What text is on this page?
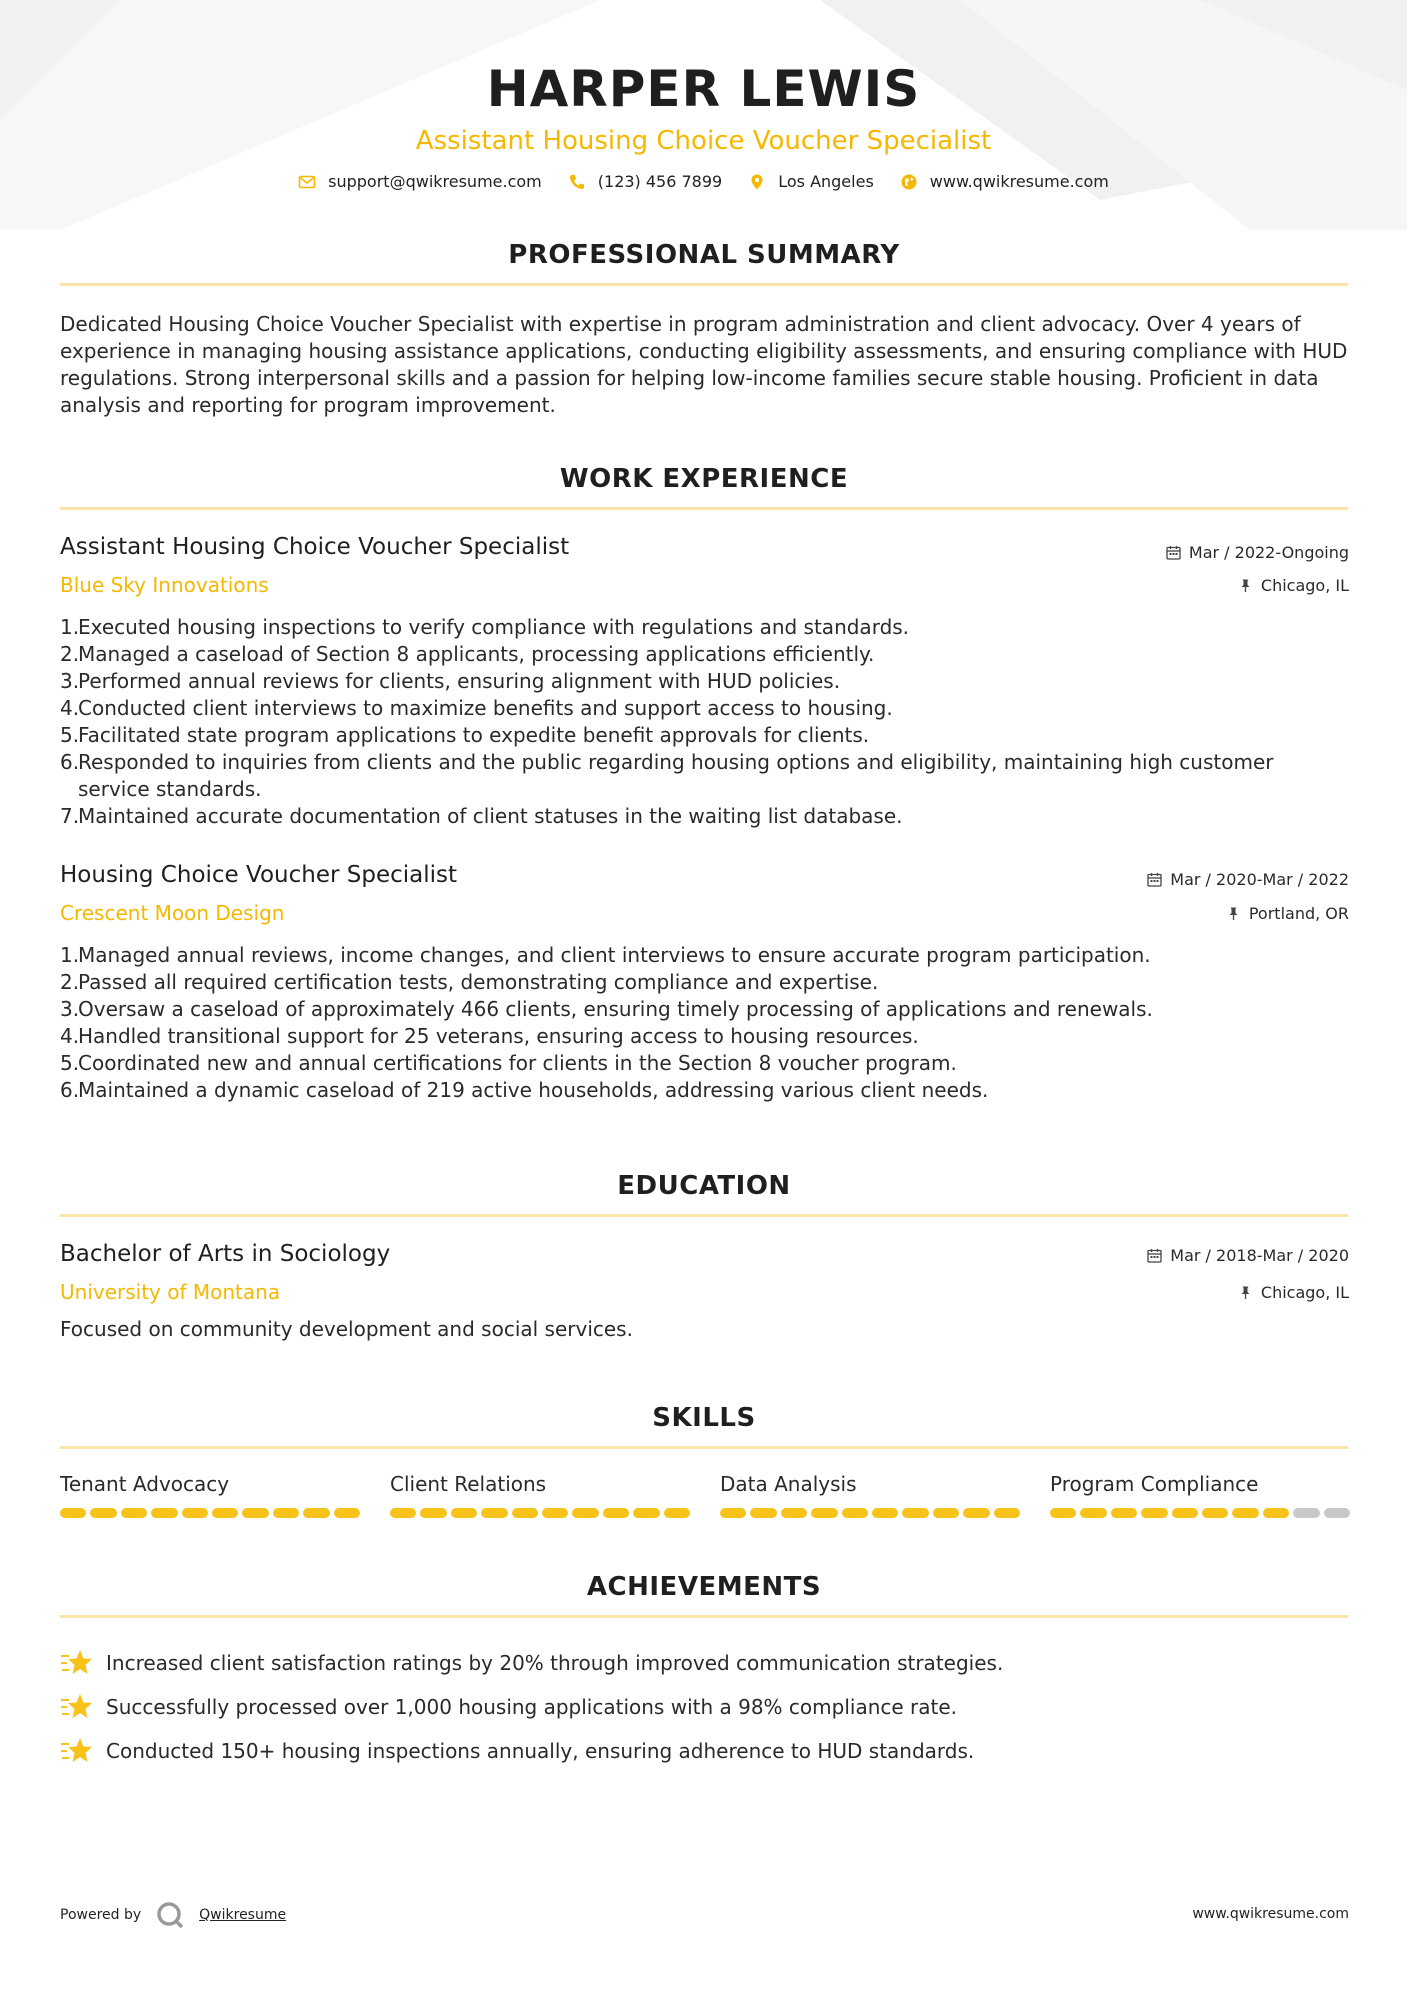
HARPER LEWIS
Assistant Housing Choice Voucher Specialist
support@qwikresume.com	(123) 456 7899	Los Angeles	www.qwikresume.com
PROFESSIONAL SUMMARY
Dedicated Housing Choice Voucher Specialist with expertise in program administration and client advocacy. Over 4 years of experience in managing housing assistance applications, conducting eligibility assessments, and ensuring compliance with HUD regulations. Strong interpersonal skills and a passion for helping low-income families secure stable housing. Proficient in data analysis and reporting for program improvement.
WORK EXPERIENCE
Assistant Housing Choice Voucher Specialist	Mar / 2022-Ongoing
Blue Sky Innovations	Chicago, IL
1.
Executed housing inspections to verify compliance with regulations and standards.
2.
Managed a caseload of Section 8 applicants, processing applications efficiently.
3.
Performed annual reviews for clients, ensuring alignment with HUD policies.
4.
Conducted client interviews to maximize benefits and support access to housing.
5.
Facilitated state program applications to expedite benefit approvals for clients.
6.
Responded to inquiries from clients and the public regarding housing options and eligibility, maintaining high customer service standards.
7.
Maintained accurate documentation of client statuses in the waiting list database.
Housing Choice Voucher Specialist	Mar / 2020-Mar / 2022
Crescent Moon Design	Portland, OR
1.
Managed annual reviews, income changes, and client interviews to ensure accurate program participation.
2.
Passed all required certification tests, demonstrating compliance and expertise.
3.
Oversaw a caseload of approximately 466 clients, ensuring timely processing of applications and renewals.
4.
Handled transitional support for 25 veterans, ensuring access to housing resources.
5.
Coordinated new and annual certifications for clients in the Section 8 voucher program.
6.
Maintained a dynamic caseload of 219 active households, addressing various client needs.
EDUCATION
Bachelor of Arts in Sociology	Mar / 2018-Mar / 2020
University of Montana	Chicago, IL
Focused on community development and social services.
SKILLS
Tenant Advocacy	Client Relations	Data Analysis	Program Compliance
ACHIEVEMENTS
Increased client satisfaction ratings by 20% through improved communication strategies.
Successfully processed over 1,000 housing applications with a 98% compliance rate.
Conducted 150+ housing inspections annually, ensuring adherence to HUD standards.
Powered by	Qwikresume	www.qwikresume.com
